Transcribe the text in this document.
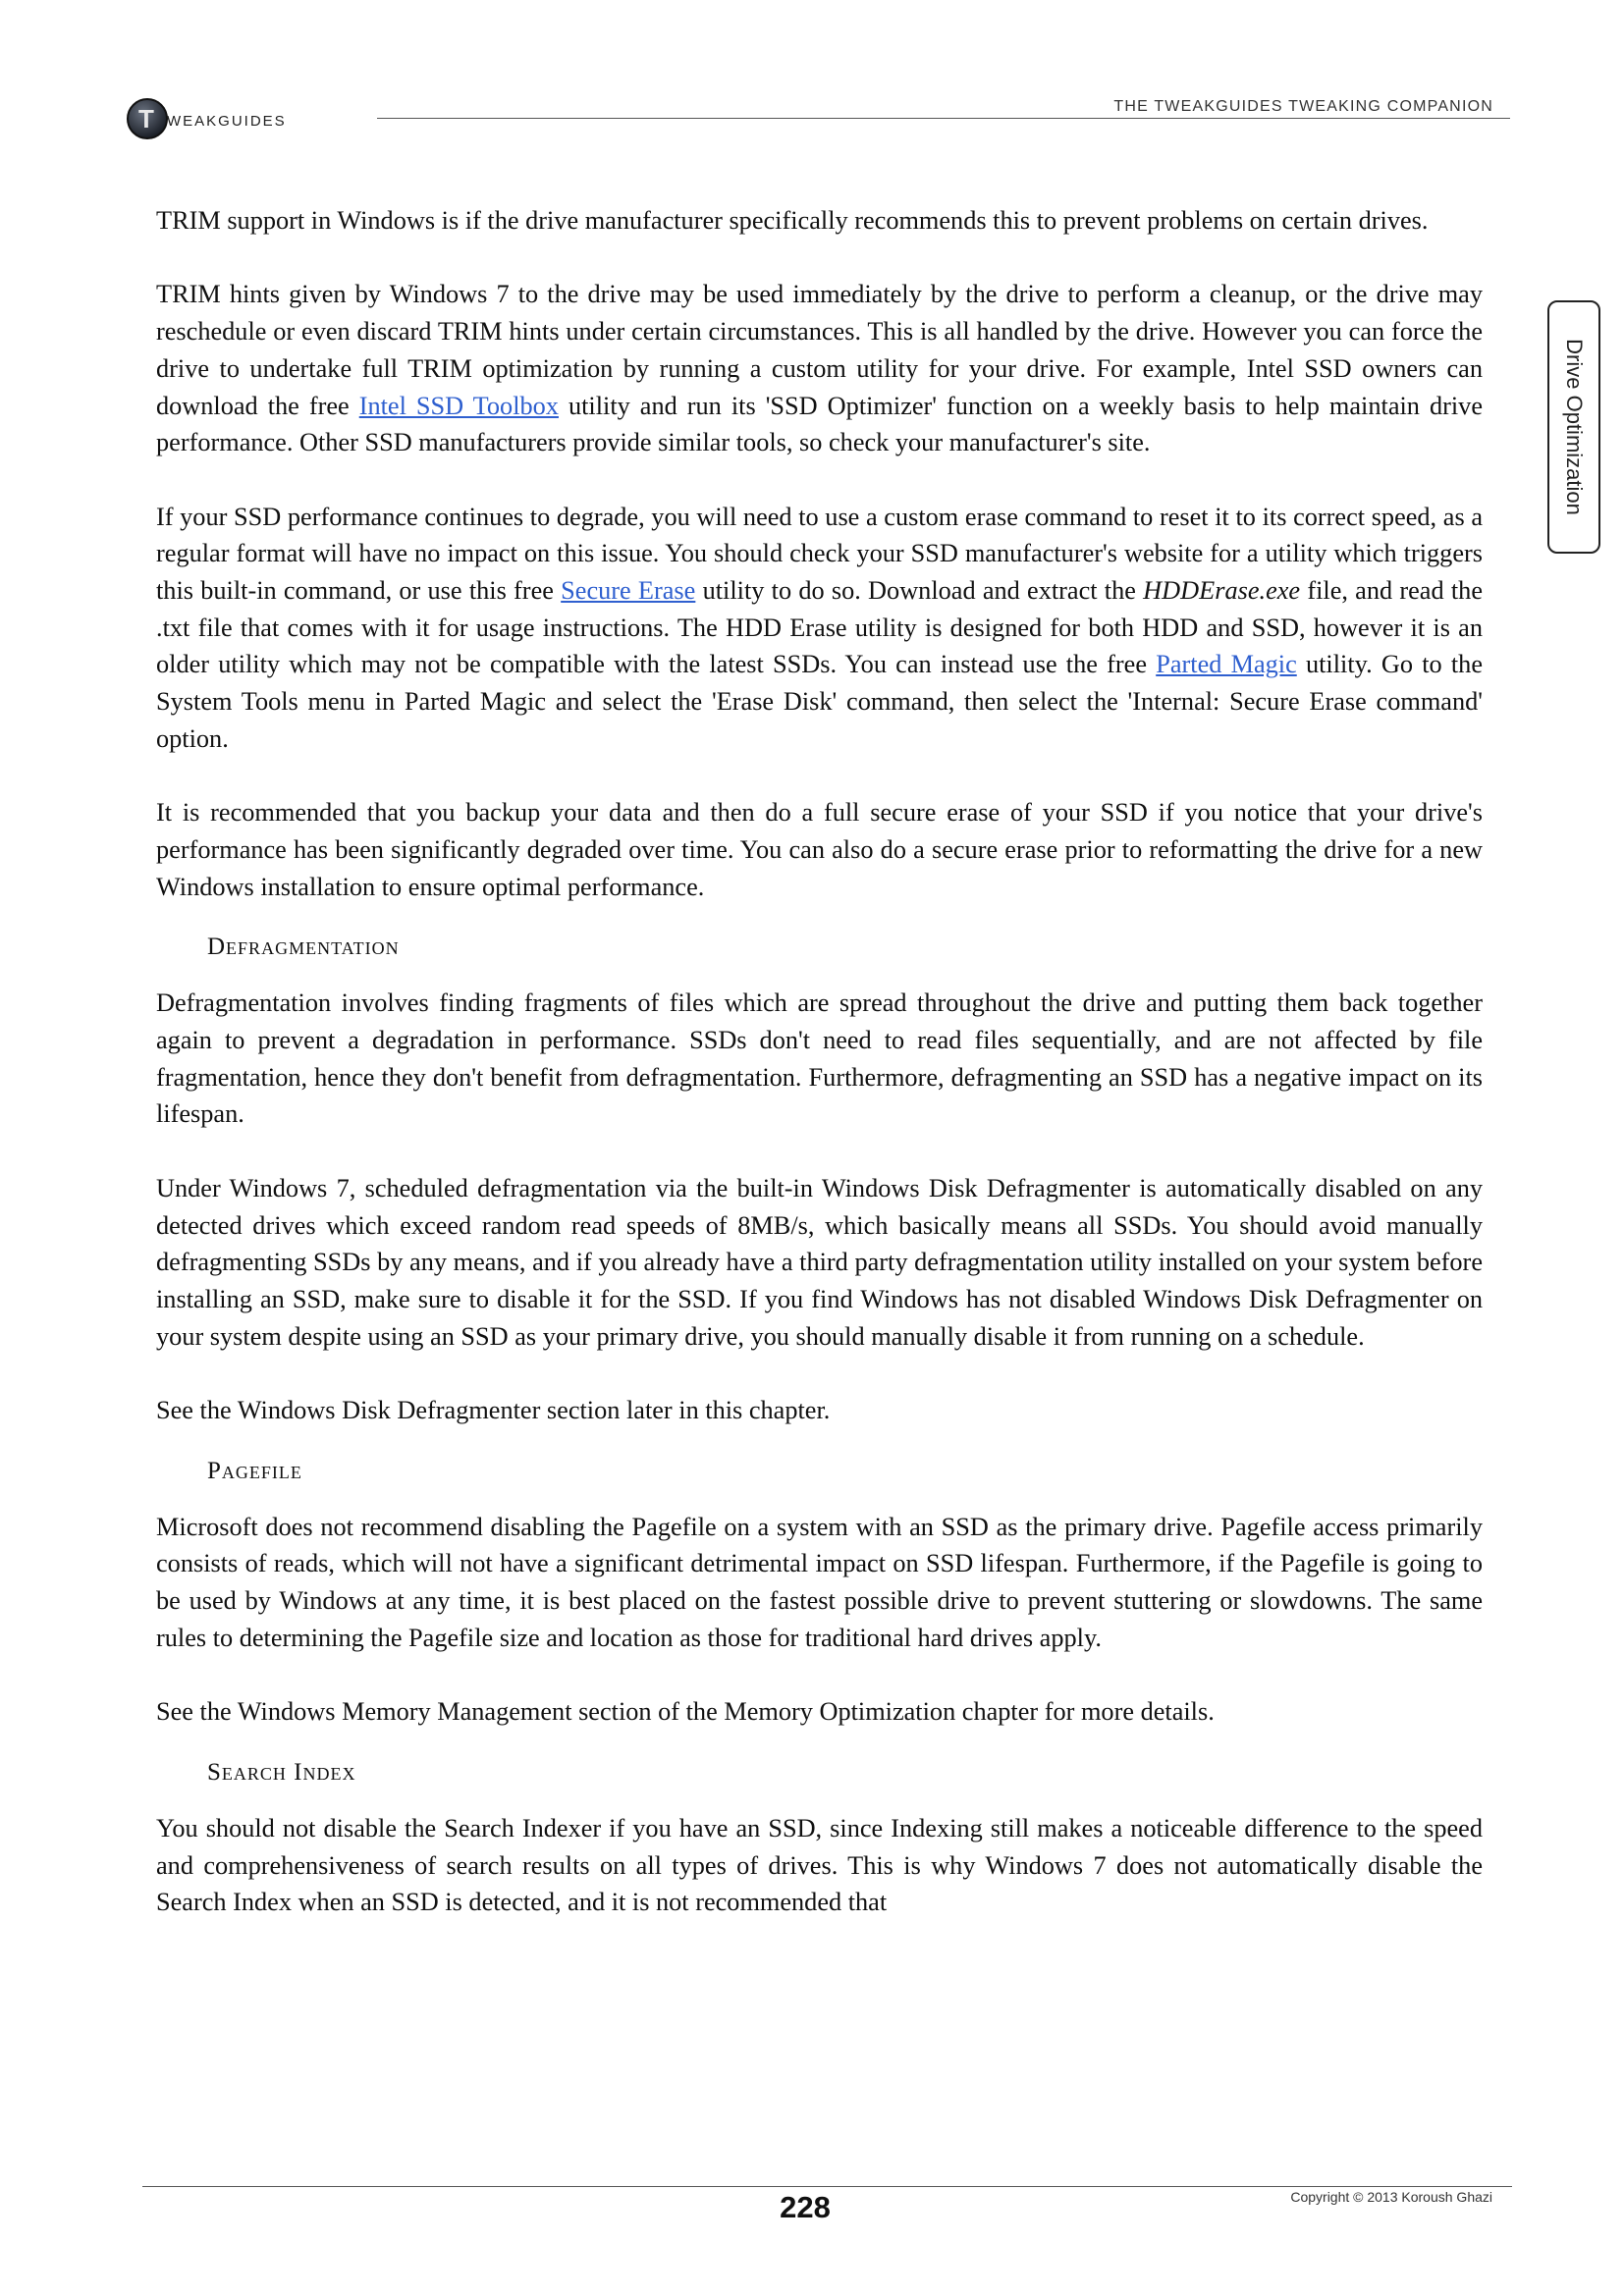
T WEAKGUIDES
THE TWEAKGUIDES TWEAKING COMPANION
Drive Optimization

TRIM support in Windows is if the drive manufacturer specifically recommends this to prevent problems on certain drives.

TRIM hints given by Windows 7 to the drive may be used immediately by the drive to perform a cleanup, or the drive may reschedule or even discard TRIM hints under certain circumstances. This is all handled by the drive. However you can force the drive to undertake full TRIM optimization by running a custom utility for your drive. For example, Intel SSD owners can download the free Intel SSD Toolbox utility and run its 'SSD Optimizer' function on a weekly basis to help maintain drive performance. Other SSD manufacturers provide similar tools, so check your manufacturer's site.

If your SSD performance continues to degrade, you will need to use a custom erase command to reset it to its correct speed, as a regular format will have no impact on this issue. You should check your SSD manufacturer's website for a utility which triggers this built-in command, or use this free Secure Erase utility to do so. Download and extract the HDDErase.exe file, and read the .txt file that comes with it for usage instructions. The HDD Erase utility is designed for both HDD and SSD, however it is an older utility which may not be compatible with the latest SSDs. You can instead use the free Parted Magic utility. Go to the System Tools menu in Parted Magic and select the 'Erase Disk' command, then select the 'Internal: Secure Erase command' option.

It is recommended that you backup your data and then do a full secure erase of your SSD if you notice that your drive's performance has been significantly degraded over time. You can also do a secure erase prior to reformatting the drive for a new Windows installation to ensure optimal performance.

Defragmentation

Defragmentation involves finding fragments of files which are spread throughout the drive and putting them back together again to prevent a degradation in performance. SSDs don't need to read files sequentially, and are not affected by file fragmentation, hence they don't benefit from defragmentation. Furthermore, defragmenting an SSD has a negative impact on its lifespan.

Under Windows 7, scheduled defragmentation via the built-in Windows Disk Defragmenter is automatically disabled on any detected drives which exceed random read speeds of 8MB/s, which basically means all SSDs. You should avoid manually defragmenting SSDs by any means, and if you already have a third party defragmentation utility installed on your system before installing an SSD, make sure to disable it for the SSD. If you find Windows has not disabled Windows Disk Defragmenter on your system despite using an SSD as your primary drive, you should manually disable it from running on a schedule.

See the Windows Disk Defragmenter section later in this chapter.

Pagefile

Microsoft does not recommend disabling the Pagefile on a system with an SSD as the primary drive. Pagefile access primarily consists of reads, which will not have a significant detrimental impact on SSD lifespan. Furthermore, if the Pagefile is going to be used by Windows at any time, it is best placed on the fastest possible drive to prevent stuttering or slowdowns. The same rules to determining the Pagefile size and location as those for traditional hard drives apply.

See the Windows Memory Management section of the Memory Optimization chapter for more details.

Search Index

You should not disable the Search Indexer if you have an SSD, since Indexing still makes a noticeable difference to the speed and comprehensiveness of search results on all types of drives. This is why Windows 7 does not automatically disable the Search Index when an SSD is detected, and it is not recommended that

228	Copyright © 2013 Koroush Ghazi
